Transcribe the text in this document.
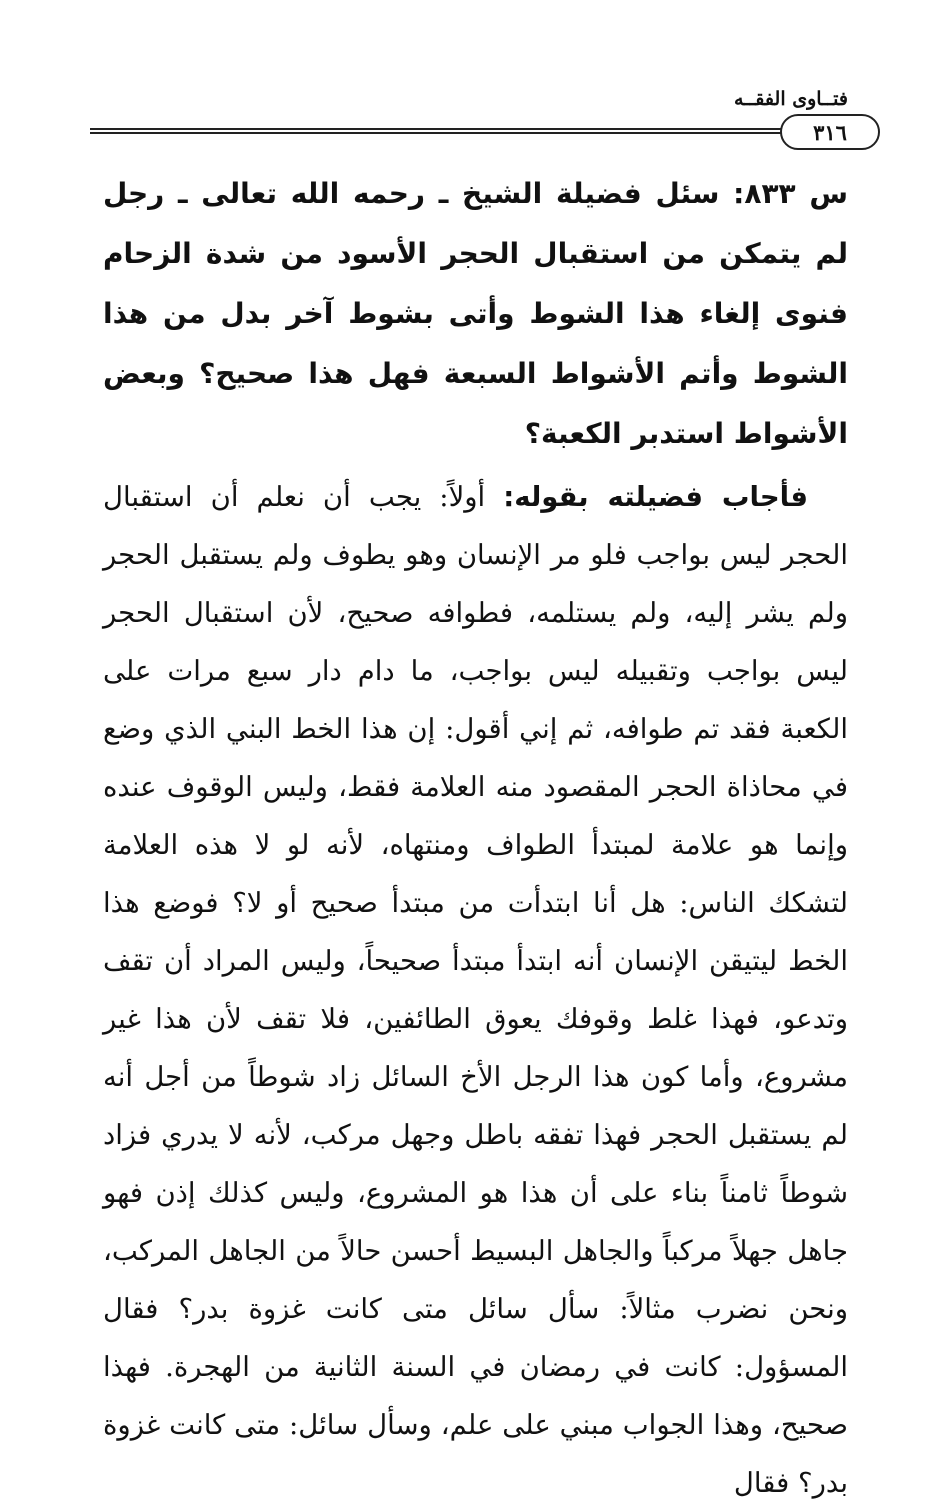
فتــاوى الفقــه
٣١٦

س ٨٣٣: سئل فضيلة الشيخ ـ رحمه الله تعالى ـ رجل لم يتمكن من استقبال الحجر الأسود من شدة الزحام فنوى إلغاء هذا الشوط وأتى بشوط آخر بدل من هذا الشوط وأتم الأشواط السبعة فهل هذا صحيح؟ وبعض الأشواط استدبر الكعبة؟

فأجاب فضيلته بقوله: أولاً: يجب أن نعلم أن استقبال الحجر ليس بواجب فلو مر الإنسان وهو يطوف ولم يستقبل الحجر ولم يشر إليه، ولم يستلمه، فطوافه صحيح، لأن استقبال الحجر ليس بواجب وتقبيله ليس بواجب، ما دام دار سبع مرات على الكعبة فقد تم طوافه، ثم إني أقول: إن هذا الخط البني الذي وضع في محاذاة الحجر المقصود منه العلامة فقط، وليس الوقوف عنده وإنما هو علامة لمبتدأ الطواف ومنتهاه، لأنه لو لا هذه العلامة لتشكك الناس: هل أنا ابتدأت من مبتدأ صحيح أو لا؟ فوضع هذا الخط ليتيقن الإنسان أنه ابتدأ مبتدأ صحيحاً، وليس المراد أن تقف وتدعو، فهذا غلط وقوفك يعوق الطائفين، فلا تقف لأن هذا غير مشروع، وأما كون هذا الرجل الأخ السائل زاد شوطاً من أجل أنه لم يستقبل الحجر فهذا تفقه باطل وجهل مركب، لأنه لا يدري فزاد شوطاً ثامناً بناء على أن هذا هو المشروع، وليس كذلك إذن فهو جاهل جهلاً مركباً والجاهل البسيط أحسن حالاً من الجاهل المركب، ونحن نضرب مثالاً: سأل سائل متى كانت غزوة بدر؟ فقال المسؤول: كانت في رمضان في السنة الثانية من الهجرة. فهذا صحيح، وهذا الجواب مبني على علم، وسأل سائل: متى كانت غزوة بدر؟ فقال
